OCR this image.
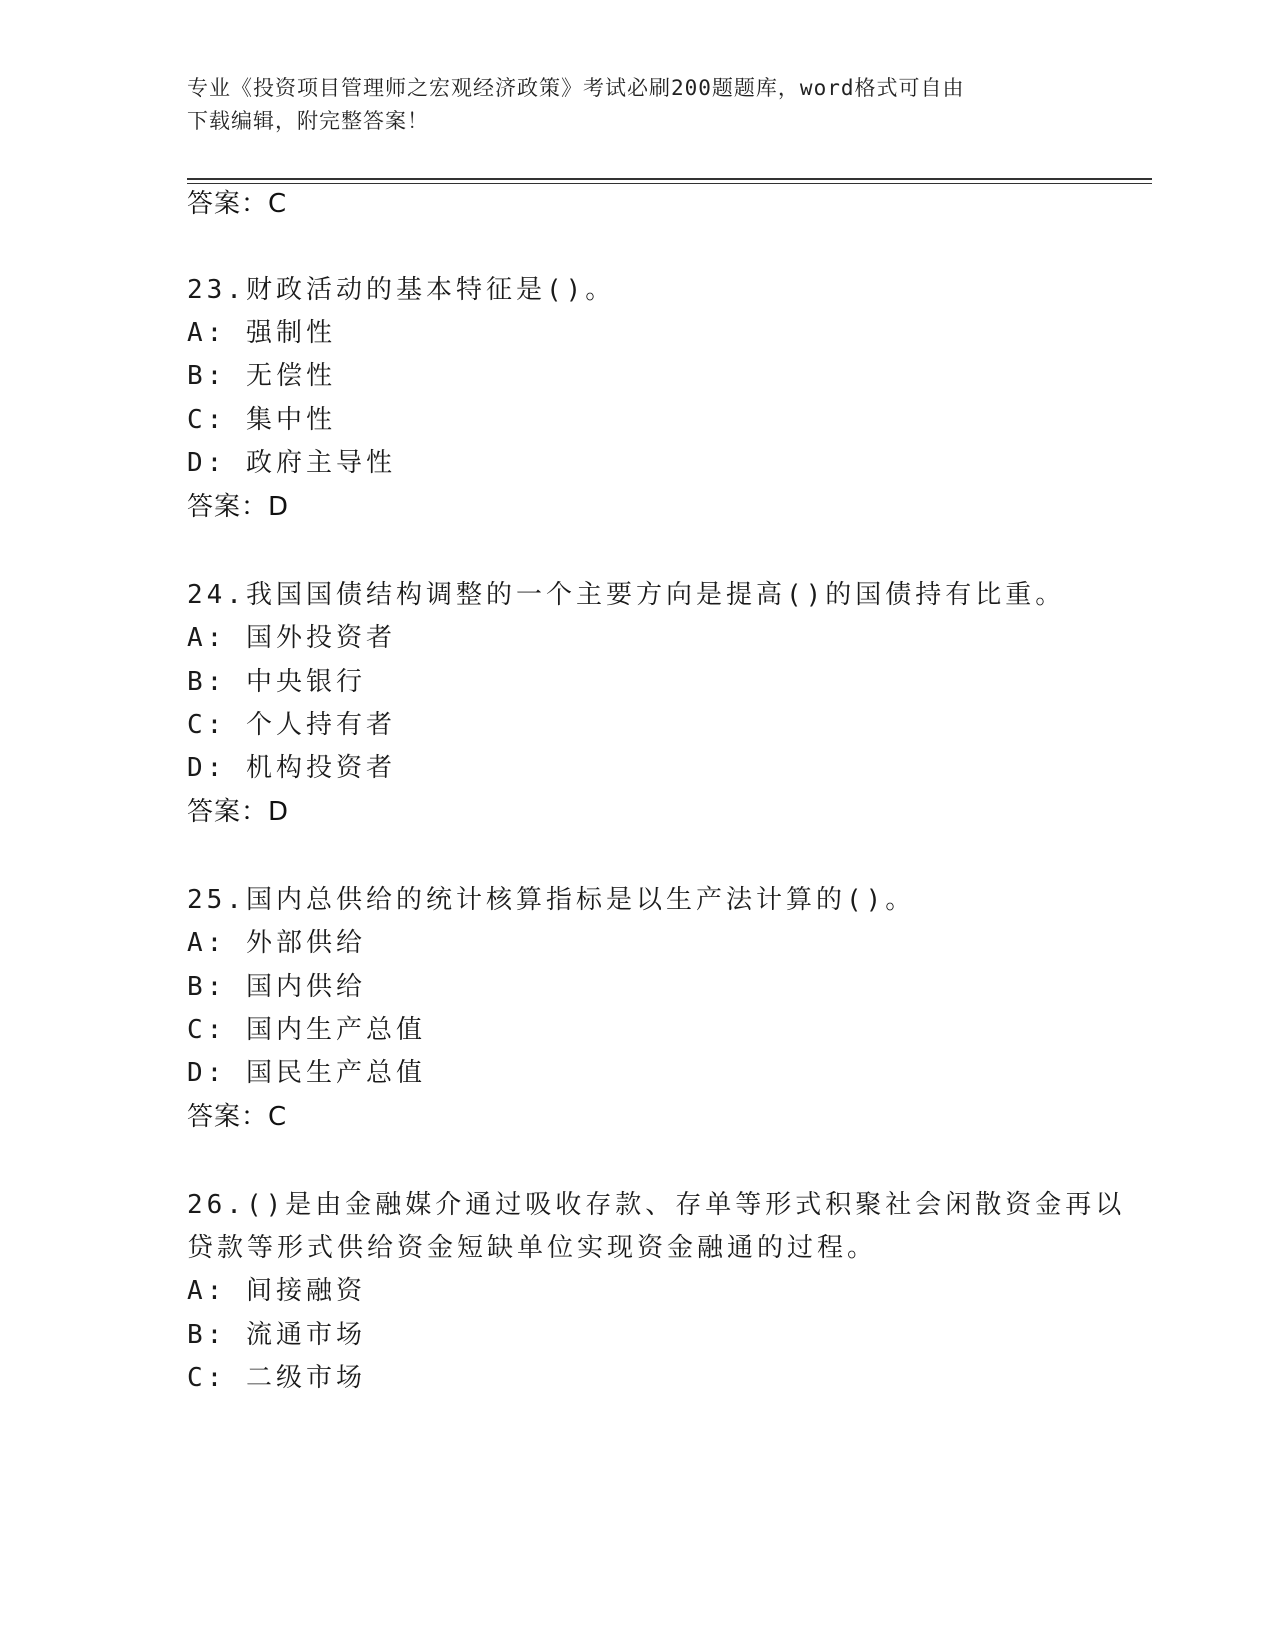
专业《投资项目管理师之宏观经济政策》考试必刷200题题库，word格式可自由
下载编辑，附完整答案！
答案：C
23.财政活动的基本特征是()。
A: 强制性
B: 无偿性
C: 集中性
D: 政府主导性
答案：D
24.我国国债结构调整的一个主要方向是提高()的国债持有比重。
A: 国外投资者
B: 中央银行
C: 个人持有者
D: 机构投资者
答案：D
25.国内总供给的统计核算指标是以生产法计算的()。
A: 外部供给
B: 国内供给
C: 国内生产总值
D: 国民生产总值
答案：C
26.()是由金融媒介通过吸收存款、存单等形式积聚社会闲散资金再以
贷款等形式供给资金短缺单位实现资金融通的过程。
A: 间接融资
B: 流通市场
C: 二级市场
